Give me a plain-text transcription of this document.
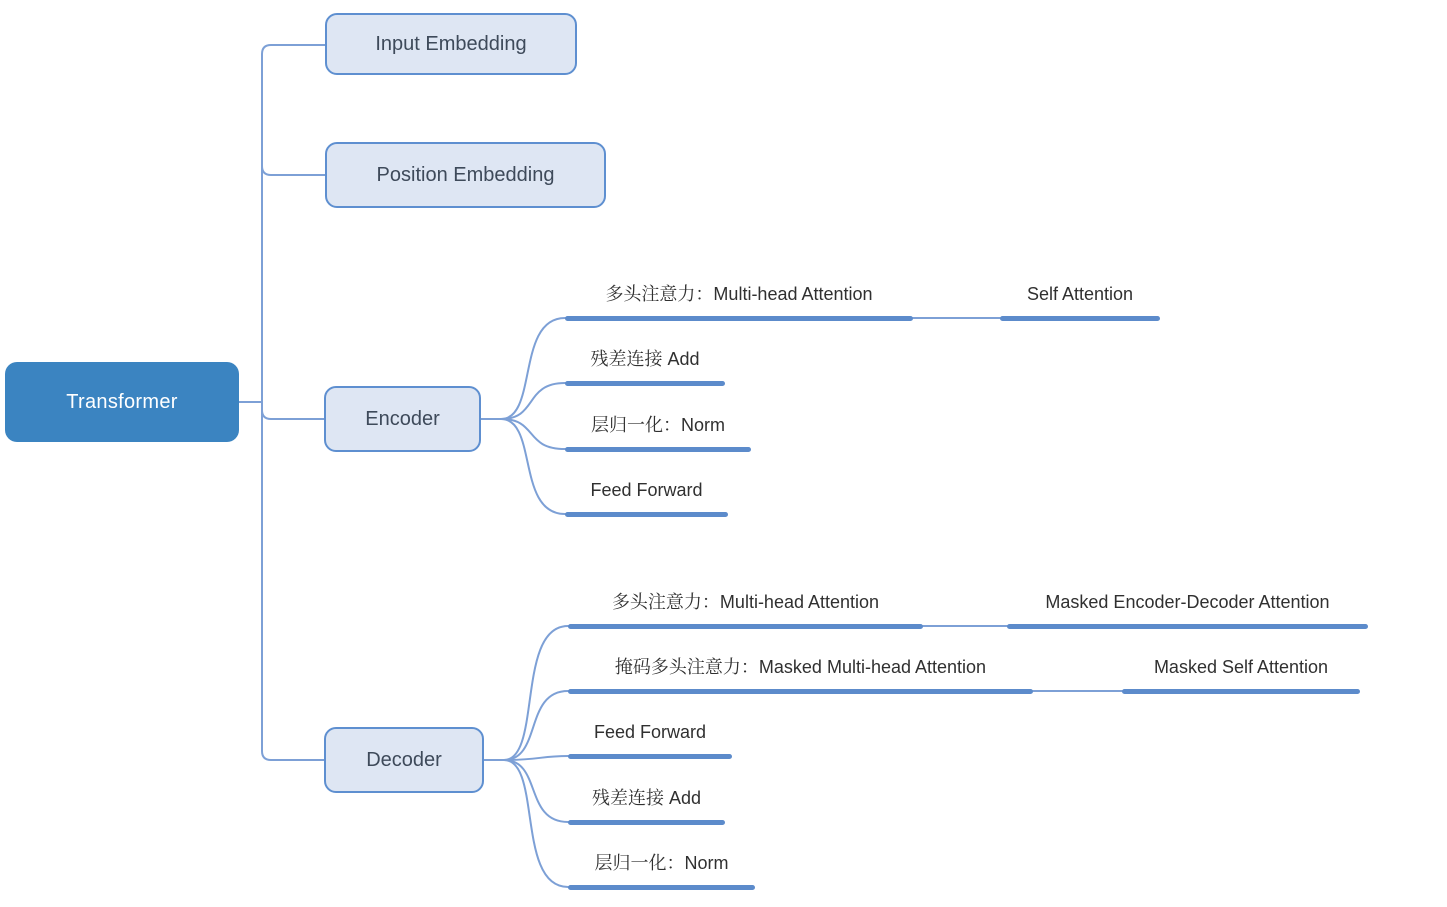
Transformer
Input Embedding
Position Embedding
Encoder
Decoder
多头注意力：Multi-head Attention	Self Attention
残差连接 Add
层归一化：Norm
Feed Forward
多头注意力：Multi-head Attention	Masked Encoder-Decoder Attention
掩码多头注意力：Masked Multi-head Attention	Masked Self Attention
Feed Forward
残差连接 Add
层归一化：Norm
